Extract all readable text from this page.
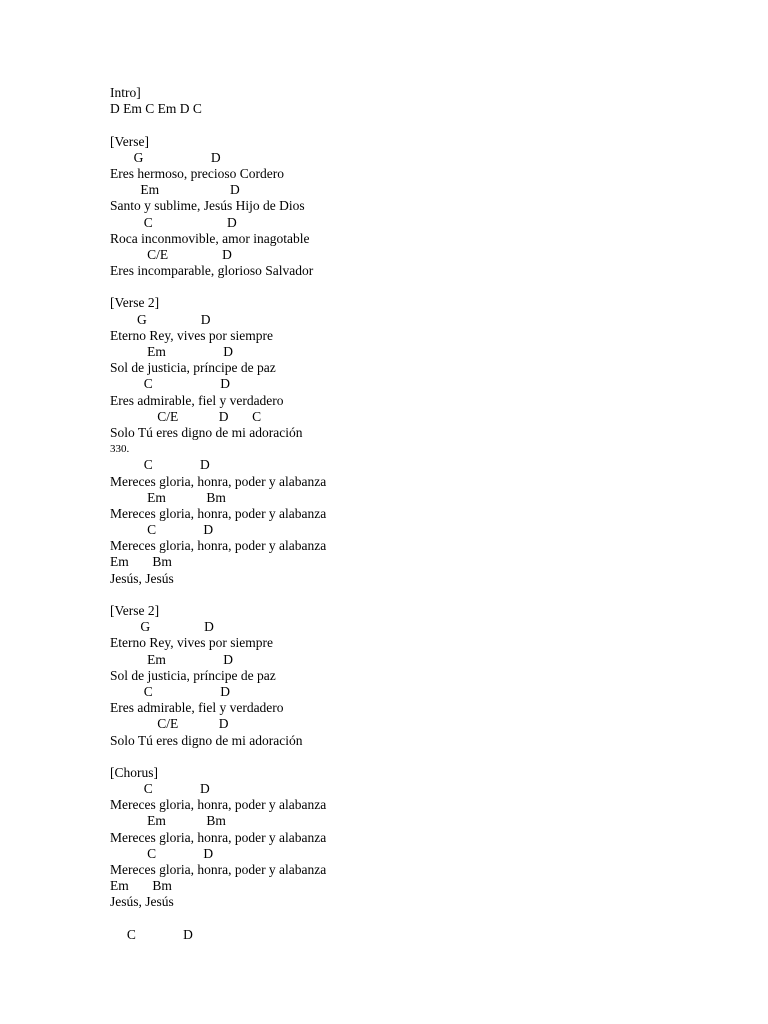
Intro]
D Em C Em D C

[Verse]
G                    D
Eres hermoso, precioso Cordero
Em                     D
Santo y sublime, Jesús Hijo de Dios
C                      D
Roca inconmovible, amor inagotable
C/E                D
Eres incomparable, glorioso Salvador

[Verse 2]
G                D
Eterno Rey, vives por siempre
Em                 D
Sol de justicia, príncipe de paz
C                    D
Eres admirable, fiel y verdadero
C/E            D       C
Solo Tú eres digno de mi adoración
330.
C              D
Mereces gloria, honra, poder y alabanza
Em            Bm
Mereces gloria, honra, poder y alabanza
C              D
Mereces gloria, honra, poder y alabanza
Em       Bm
Jesús, Jesús

[Verse 2]
G                D
Eterno Rey, vives por siempre
Em                 D
Sol de justicia, príncipe de paz
C                    D
Eres admirable, fiel y verdadero
C/E            D
Solo Tú eres digno de mi adoración

[Chorus]
C              D
Mereces gloria, honra, poder y alabanza
Em            Bm
Mereces gloria, honra, poder y alabanza
C              D
Mereces gloria, honra, poder y alabanza
Em       Bm
Jesús, Jesús

C              D
